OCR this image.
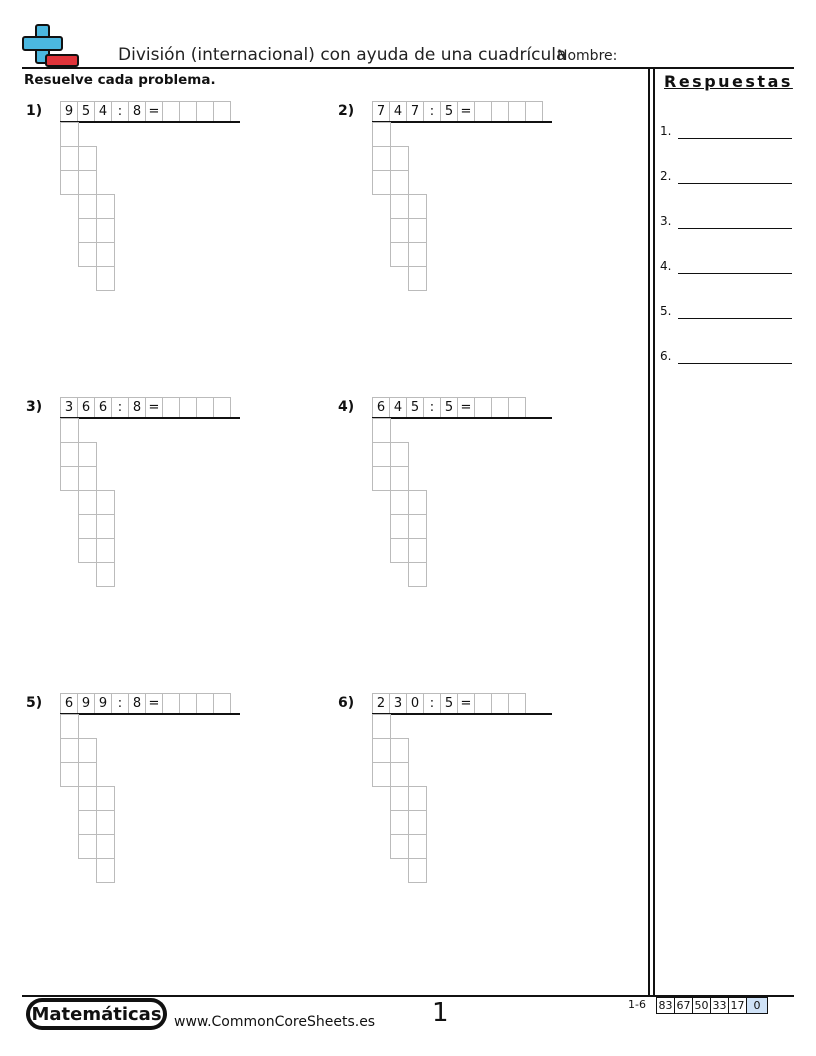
División (internacional) con ayuda de una cuadrícula
Nombre:
Resuelve cada problema.	Respuestas
1.
2.
3.
4.
5.
6.
1)	9 5 4 : 8 =	2)	7 4 7 : 5 =
3)	3 6 6 : 8 =	4)	6 4 5 : 5 =
5)	6 9 9 : 8 =	6)	2 3 0 : 5 =
Matemáticas www.CommonCoreSheets.es 1	1-6 83 67 50 33 17 0
